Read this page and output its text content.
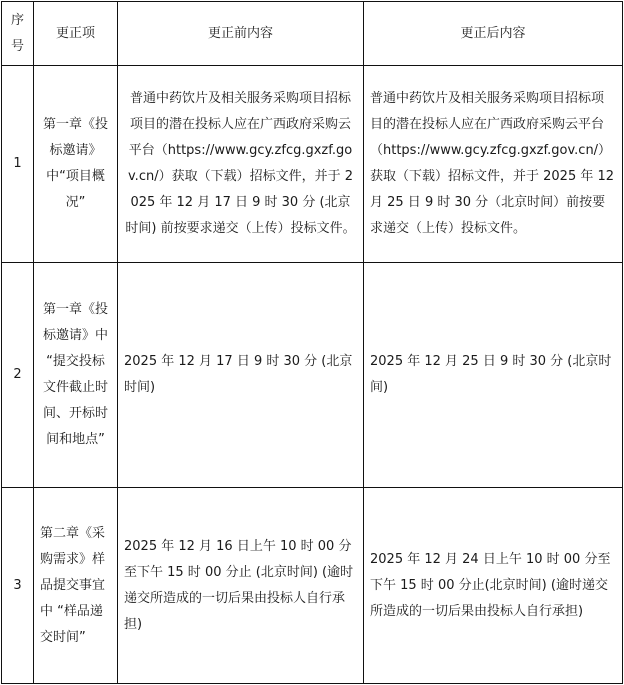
序号	更正项	更正前内容	更正后内容
1	第一章《投标邀请》中“项目概况”	普通中药饮片及相关服务采购项目招标项目的潜在投标人应在广西政府采购云平台（https://www.gcy.zfcg.gxzf.gov.cn/）获取（下载）招标文件，并于 2025 年 12 月 17 日 9 时 30 分 (北京时间) 前按要求递交（上传）投标文件。	普通中药饮片及相关服务采购项目招标项目的潜在投标人应在广西政府采购云平台（https://www.gcy.zfcg.gxzf.gov.cn/）获取（下载）招标文件，并于 2025 年 12 月 25 日 9 时 30 分（北京时间）前按要求递交（上传）投标文件。
2	第一章《投标邀请》中 “提交投标文件截止时间、开标时间和地点”	2025 年 12 月 17 日 9 时 30 分 (北京时间)	2025 年 12 月 25 日 9 时 30 分 (北京时间)
3	第二章《采购需求》样品提交事宜中 “样品递交时间”	2025 年 12 月 16 日上午 10 时 00 分至下午 15 时 00 分止 (北京时间) (逾时递交所造成的一切后果由投标人自行承担)	2025 年 12 月 24 日上午 10 时 00 分至下午 15 时 00 分止(北京时间) (逾时递交所造成的一切后果由投标人自行承担)
